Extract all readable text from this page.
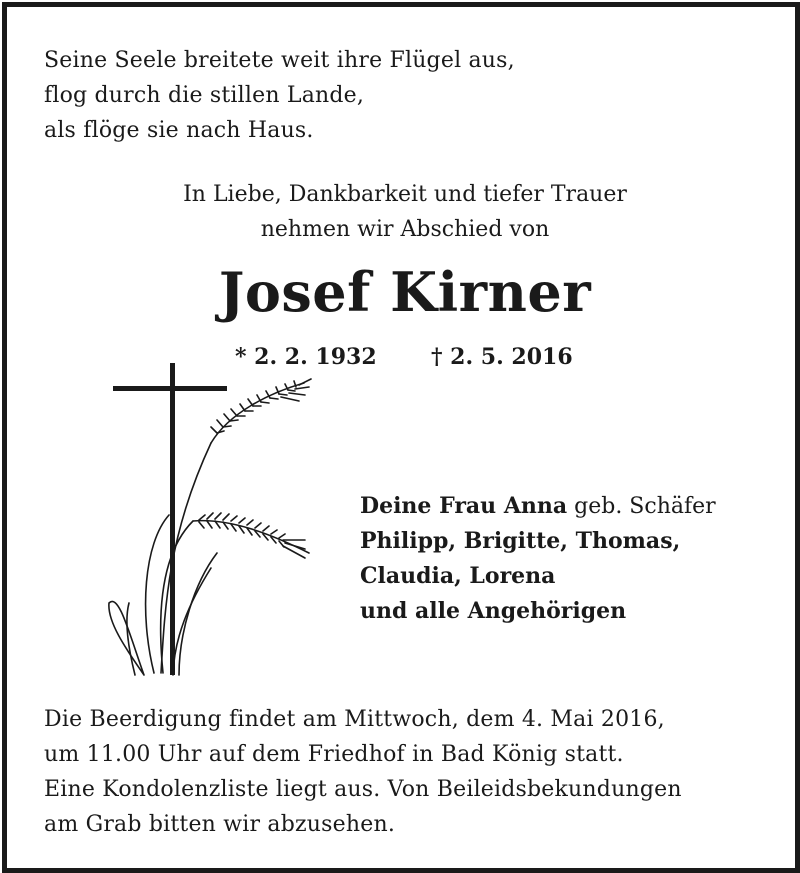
Seine Seele breitete weit ihre Flügel aus,
flog durch die stillen Lande,
als flöge sie nach Haus.
In Liebe, Dankbarkeit und tiefer Trauer
nehmen wir Abschied von
Josef Kirner
* 2. 2. 1932 † 2. 5. 2016
Deine Frau Anna geb. Schäfer
Philipp, Brigitte, Thomas,
Claudia, Lorena
und alle Angehörigen
Die Beerdigung findet am Mittwoch, dem 4. Mai 2016,
um 11.00 Uhr auf dem Friedhof in Bad König statt.
Eine Kondolenzliste liegt aus. Von Beileidsbekundungen
am Grab bitten wir abzusehen.
